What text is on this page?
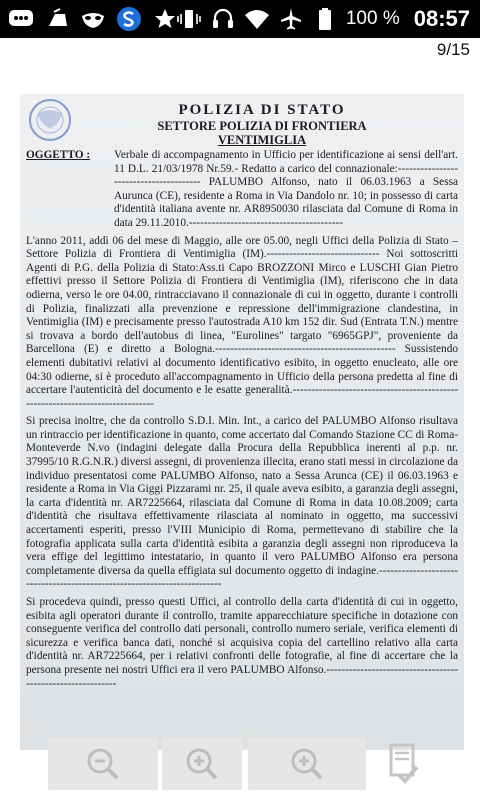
100 % 08:57
9/15
POLIZIA DI STATO
SETTORE POLIZIA DI FRONTIERA
VENTIMIGLIA
OGGETTO :	Verbale di accompagnamento in Ufficio per identificazione ai sensi dell'art. 11 D.L. 21/03/1978 Nr.59.- Redatto a carico del connazionale:--------------------------------------- PALUMBO Alfonso, nato il 06.03.1963 a Sessa Aurunca (CE), residente a Roma in Via Dandolo nr. 10; in possesso di carta d'identità italiana avente nr. AR8950030 rilasciata dal Comune di Roma in data 29.11.2010.-----------------------------------------

L'anno 2011, addì 06 del mese di Maggio, alle ore 05.00, negli Uffici della Polizia di Stato – Settore Polizia di Frontiera di Ventimiglia (IM).------------------------------ Noi sottoscritti Agenti di P.G. della Polizia di Stato:Ass.ti Capo BROZZONI Mirco e LUSCHI Gian Pietro effettivi presso il Settore Polizia di Frontiera di Ventimiglia (IM), riferiscono che in data odierna, verso le ore 04.00, rintracciavano il connazionale di cui in oggetto, durante i controlli di Polizia, finalizzati alla prevenzione e repressione dell'immigrazione clandestina, in Ventimiglia (IM) e precisamente presso l'autostrada A10 km 152 dir. Sud (Entrata T.N.) mentre si trovava a bordo dell'autobus di linea, "Eurolines" targato "6965GPJ", proveniente da Barcellona (E) e diretto a Bologna.------------------------------------------------ Sussistendo elementi dubitativi relativi al documento identificativo esibito, in oggetto enucleato, alle ore 04:30 odierne, si è proceduto all'accompagnamento in Ufficio della persona predetta al fine di accertare l'autenticità del documento e le esatte generalità.------------------------------------------------------------------------------

Si precisa inoltre, che da controllo S.D.I. Min. Int., a carico del PALUMBO Alfonso risultava un rintraccio per identificazione in quanto, come accertato dal Comando Stazione CC di Roma-Monteverde N.vo (indagini delegate dalla Procura della Repubblica inerenti al p.p. nr. 37995/10 R.G.N.R.) diversi assegni, di provenienza illecita, erano stati messi in circolazione da individuo presentatosi come PALUMBO Alfonso, nato a Sessa Arunca (CE) il 06.03.1963 e residente a Roma in Via Giggi Pizzarami nr. 25, il quale aveva esibito, a garanzia degli assegni, la carta d'identità nr. AR7225664, rilasciata dal Comune di Roma in data 10.08.2009; carta d'identità che risultava effettivamente rilasciata al nominato in oggetto, ma successivi accertamenti esperiti, presso l'VIII Municipio di Roma, permettevano di stabilire che la fotografia applicata sulla carta d'identità esibita a garanzia degli assegni non riproduceva la vera effige del legittimo intestatario, in quanto il vero PALUMBO Alfonso era persona completamente diversa da quella effigiata sul documento oggetto di indagine.-------------------------------------------------------------------------

Si procedeva quindi, presso questi Uffici, al controllo della carta d'identità di cui in oggetto, esibita agli operatori durante il controllo, tramite apparecchiature specifiche in dotazione con conseguente verifica del controllo dati personali, controllo numero seriale, verifica elementi di sicurezza e verifica banca dati, nonché si acquisiva copia del cartellino relativo alla carta d'identità nr. AR7225664, per i relativi confronti delle fotografie, al fine di accertare che la persona presente nei nostri Uffici era il vero PALUMBO Alfonso.-----------------------------------------------------------
